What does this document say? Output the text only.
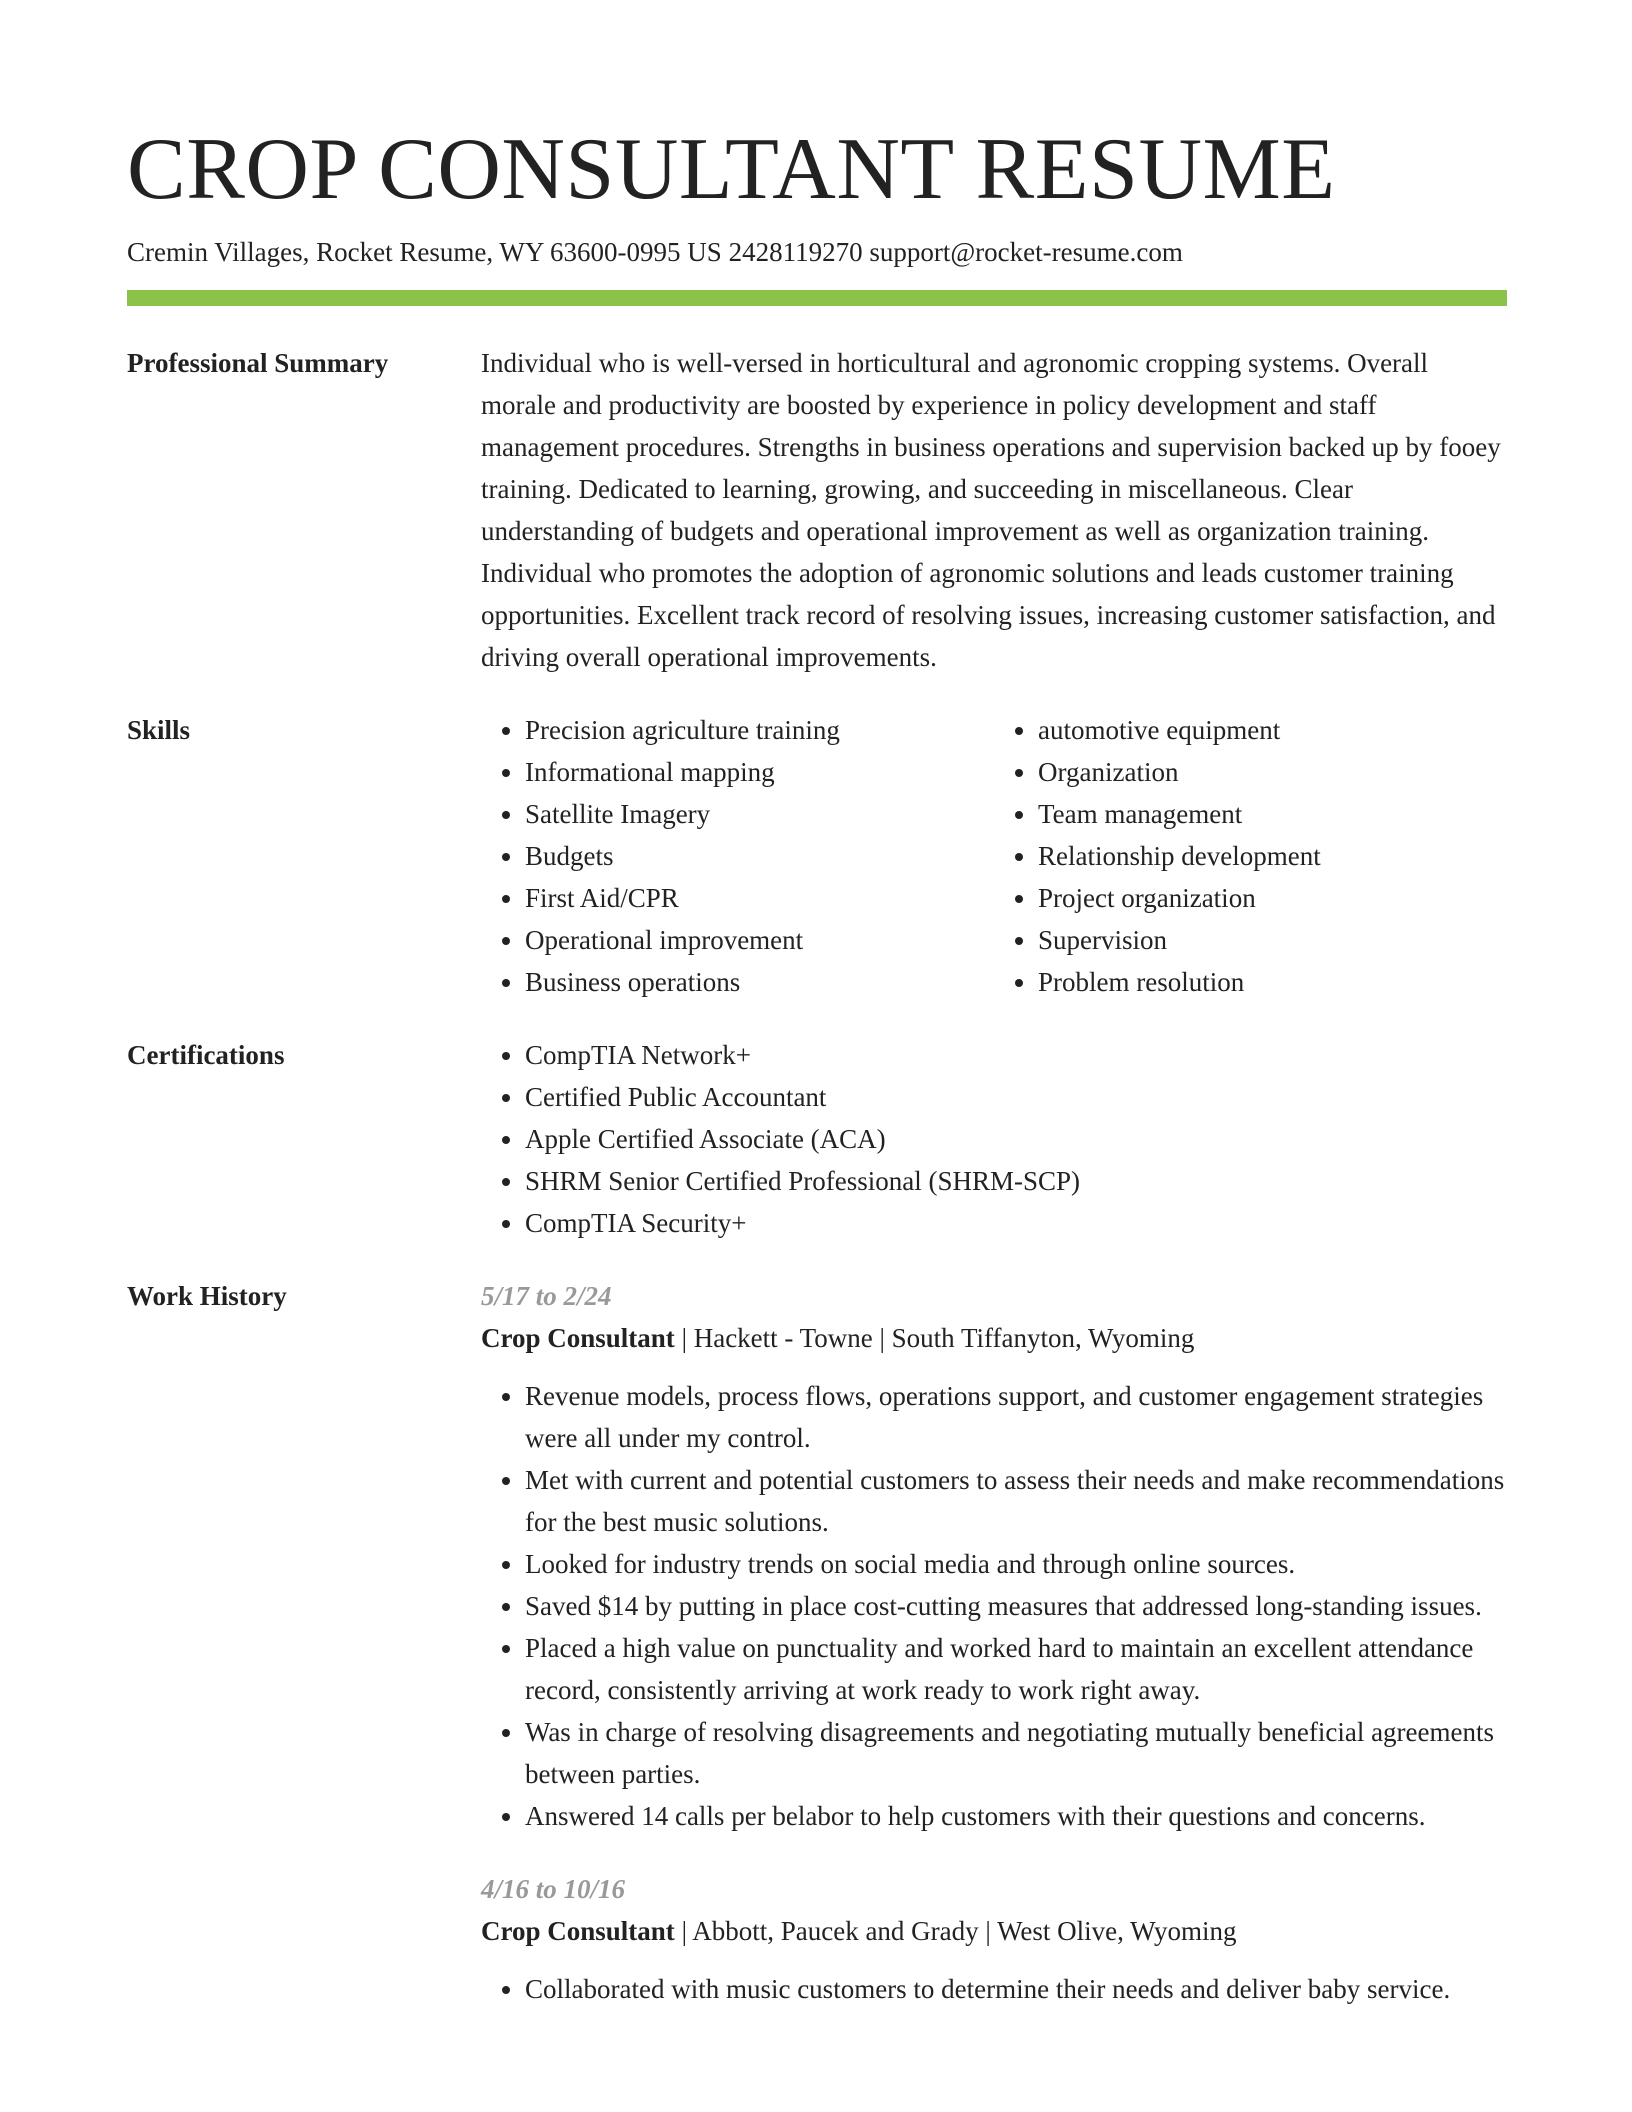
CROP CONSULTANT RESUME
Cremin Villages, Rocket Resume, WY 63600-0995 US 2428119270 support@rocket-resume.com
Professional Summary	Individual who is well-versed in horticultural and agronomic cropping systems. Overall morale and productivity are boosted by experience in policy development and staff management procedures. Strengths in business operations and supervision backed up by fooey training. Dedicated to learning, growing, and succeeding in miscellaneous. Clear understanding of budgets and operational improvement as well as organization training. Individual who promotes the adoption of agronomic solutions and leads customer training opportunities. Excellent track record of resolving issues, increasing customer satisfaction, and driving overall operational improvements.

Skills	• Precision agriculture training
• Informational mapping
• Satellite Imagery
• Budgets
• First Aid/CPR
• Operational improvement
• Business operations
• automotive equipment
• Organization
• Team management
• Relationship development
• Project organization
• Supervision
• Problem resolution
Certifications	• CompTIA Network+
• Certified Public Accountant
• Apple Certified Associate (ACA)
• SHRM Senior Certified Professional (SHRM-SCP)
• CompTIA Security+
Work History	5/17 to 2/24
Crop Consultant | Hackett - Towne | South Tiffanyton, Wyoming
• Revenue models, process flows, operations support, and customer engagement strategies were all under my control.
• Met with current and potential customers to assess their needs and make recommendations for the best music solutions.
• Looked for industry trends on social media and through online sources.
• Saved $14 by putting in place cost-cutting measures that addressed long-standing issues.
• Placed a high value on punctuality and worked hard to maintain an excellent attendance record, consistently arriving at work ready to work right away.
• Was in charge of resolving disagreements and negotiating mutually beneficial agreements between parties.
• Answered 14 calls per belabor to help customers with their questions and concerns.
4/16 to 10/16
Crop Consultant | Abbott, Paucek and Grady | West Olive, Wyoming
• Collaborated with music customers to determine their needs and deliver baby service.
